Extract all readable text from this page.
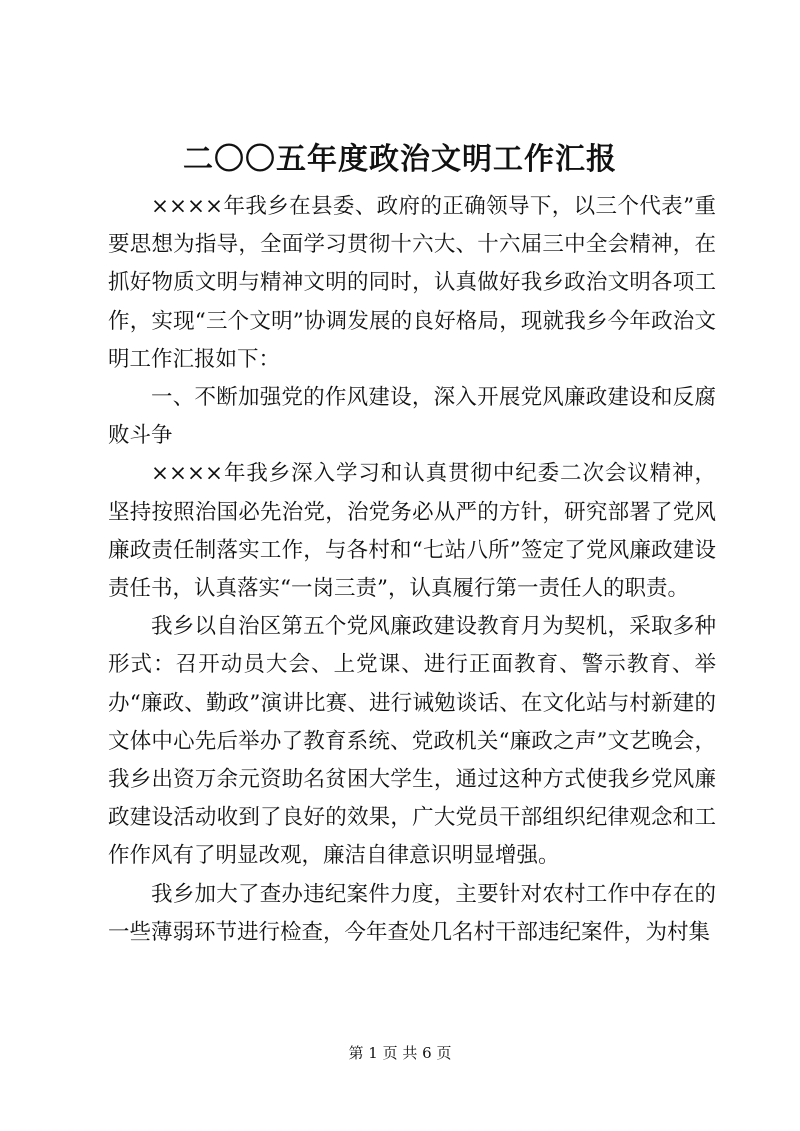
二〇〇五年度政治文明工作汇报

××××年我乡在县委、政府的正确领导下，以三个代表”重要思想为指导，全面学习贯彻十六大、十六届三中全会精神，在抓好物质文明与精神文明的同时，认真做好我乡政治文明各项工作，实现“三个文明”协调发展的良好格局，现就我乡今年政治文明工作汇报如下：

一、不断加强党的作风建设，深入开展党风廉政建设和反腐败斗争

××××年我乡深入学习和认真贯彻中纪委二次会议精神，坚持按照治国必先治党，治党务必从严的方针，研究部署了党风廉政责任制落实工作，与各村和“七站八所”签定了党风廉政建设责任书，认真落实“一岗三责”，认真履行第一责任人的职责。

我乡以自治区第五个党风廉政建设教育月为契机，采取多种形式：召开动员大会、上党课、进行正面教育、警示教育、举办“廉政、勤政”演讲比赛、进行诫勉谈话、在文化站与村新建的文体中心先后举办了教育系统、党政机关“廉政之声”文艺晚会，我乡出资万余元资助名贫困大学生，通过这种方式使我乡党风廉政建设活动收到了良好的效果，广大党员干部组织纪律观念和工作作风有了明显改观，廉洁自律意识明显增强。

我乡加大了查办违纪案件力度，主要针对农村工作中存在的一些薄弱环节进行检查，今年查处几名村干部违纪案件，为村集

第 1 页 共 6 页
